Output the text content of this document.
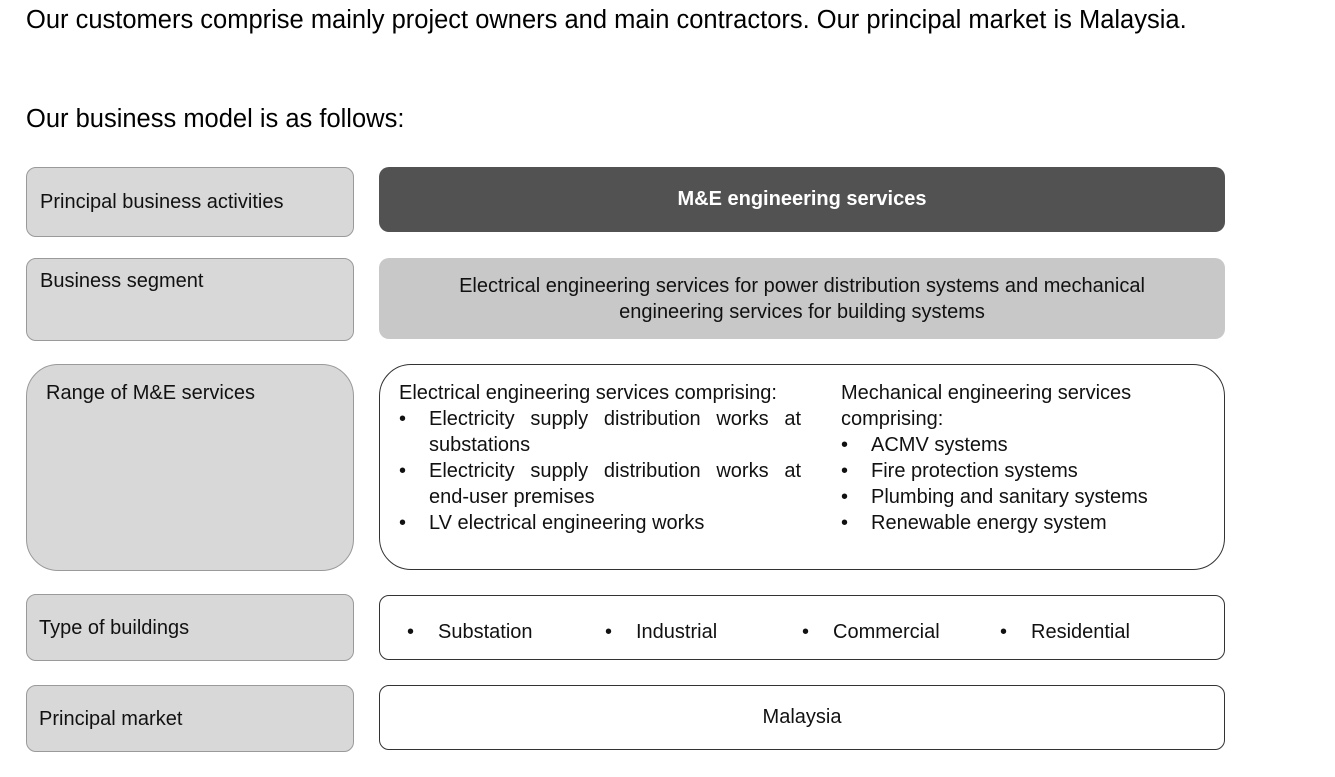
Our customers comprise mainly project owners and main contractors. Our principal market is Malaysia.

Our business model is as follows:

Principal business activities	M&E engineering services
Business segment	Electrical engineering services for power distribution systems and mechanical engineering services for building systems
Range of M&E services	Electrical engineering services comprising:
• Electricity supply distribution works at substations
• Electricity supply distribution works at end-user premises
• LV electrical engineering works
Mechanical engineering services comprising:
• ACMV systems
• Fire protection systems
• Plumbing and sanitary systems
• Renewable energy system
Type of buildings	• Substation	• Industrial	• Commercial	• Residential
Principal market	Malaysia
